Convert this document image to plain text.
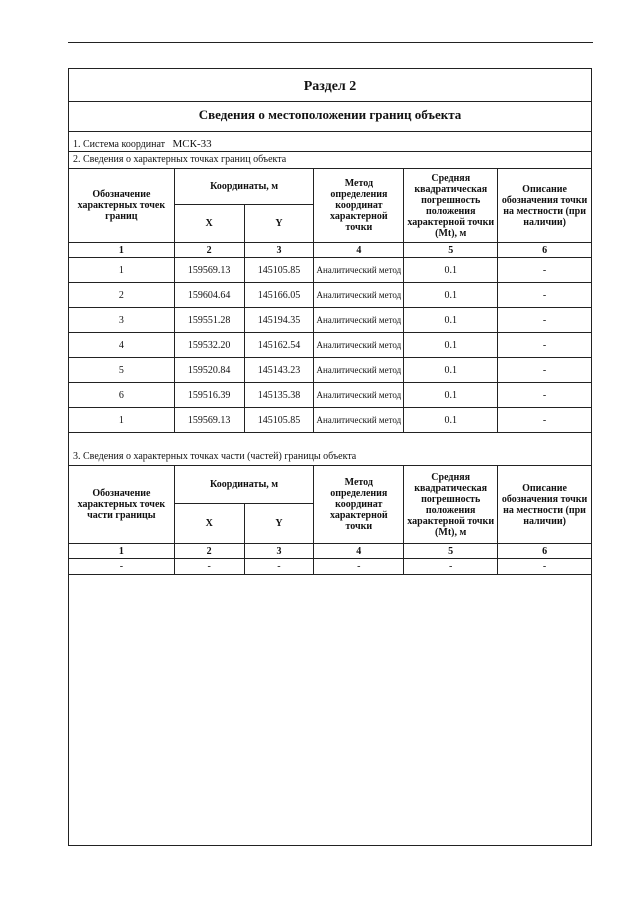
Раздел 2
Сведения о местоположении границ объекта
1. Система координат МСК-33
2. Сведения о характерных точках границ объекта
Обозначение характерных точек границ	Координаты, м		Метод определения координат характерной точки	Средняя квадратическая погрешность положения характерной точки (Mt), м	Описание обозначения точки на местности (при наличии)
	X	Y			
1	2	3	4	5	6
1	159569.13	145105.85	Аналитический метод	0.1	-
2	159604.64	145166.05	Аналитический метод	0.1	-
3	159551.28	145194.35	Аналитический метод	0.1	-
4	159532.20	145162.54	Аналитический метод	0.1	-
5	159520.84	145143.23	Аналитический метод	0.1	-
6	159516.39	145135.38	Аналитический метод	0.1	-
1	159569.13	145105.85	Аналитический метод	0.1	-
3. Сведения о характерных точках части (частей) границы объекта
Обозначение характерных точек части границы	Координаты, м		Метод определения координат характерной точки	Средняя квадратическая погрешность положения характерной точки (Mt), м	Описание обозначения точки на местности (при наличии)
	X	Y			
1	2	3	4	5	6
-	-	-	-	-	-
